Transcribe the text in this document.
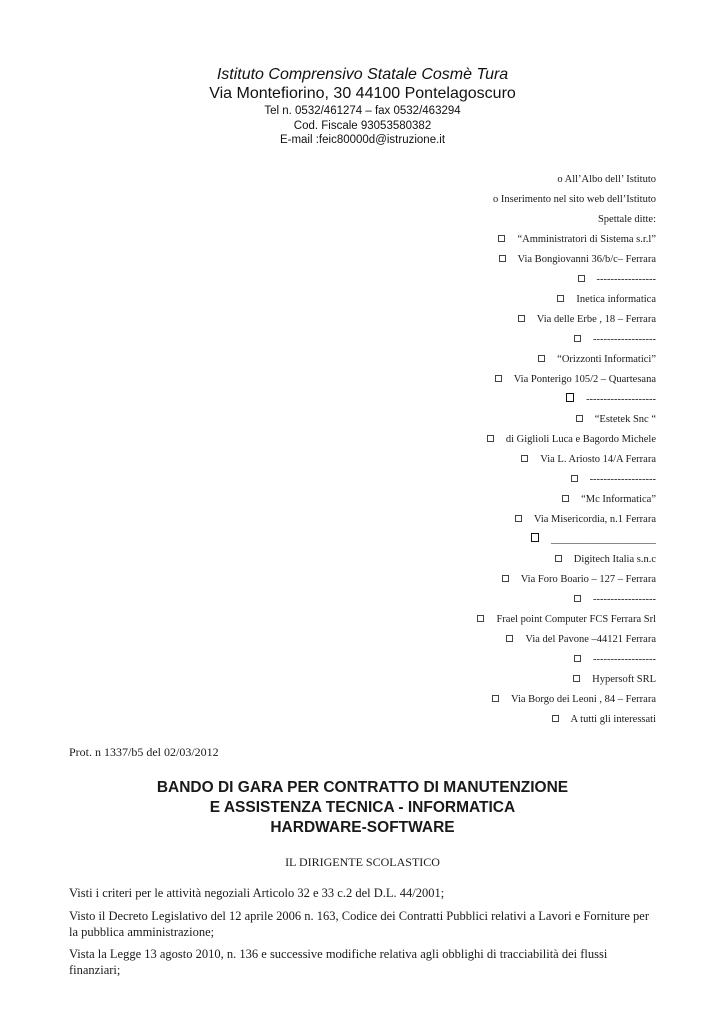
Istituto Comprensivo Statale Cosmè Tura
Via Montefiorino, 30 44100 Pontelagoscuro
Tel n. 0532/461274 – fax 0532/463294
Cod. Fiscale 93053580382
E-mail :feic80000d@istruzione.it
o All’Albo dell’ Istituto
o Inserimento nel sito web dell’Istituto
Spettale ditte:
“Amministratori di Sistema s.r.l”
Via Bongiovanni 36/b/c– Ferrara
-----------------
Inetica informatica
Via delle Erbe , 18 – Ferrara
------------------
“Orizzonti Informatici”
Via Ponterigo 105/2 – Quartesana
--------------------
“Estetek Snc “
di Giglioli Luca e Bagordo Michele
Via L. Ariosto 14/A Ferrara
-------------------
“Mc Informatica”
Via Misericordia, n.1 Ferrara
____________________
Digitech Italia s.n.c
Via Foro Boario – 127 – Ferrara
------------------
Frael point Computer FCS Ferrara Srl
Via del Pavone –44121 Ferrara
------------------
Hypersoft SRL
Via Borgo dei Leoni , 84 – Ferrara
A tutti gli interessati
Prot. n 1337/b5 del 02/03/2012
BANDO DI GARA PER CONTRATTO DI MANUTENZIONE
E ASSISTENZA TECNICA - INFORMATICA
HARDWARE-SOFTWARE
IL DIRIGENTE SCOLASTICO
Visti i criteri per le attività negoziali Articolo 32 e 33 c.2 del D.L. 44/2001;
Visto il Decreto Legislativo del 12 aprile 2006 n. 163, Codice dei Contratti Pubblici relativi a Lavori e Forniture per la pubblica amministrazione;
Vista la Legge 13 agosto 2010, n. 136 e successive modifiche relativa agli obblighi di tracciabilità dei flussi finanziari;
